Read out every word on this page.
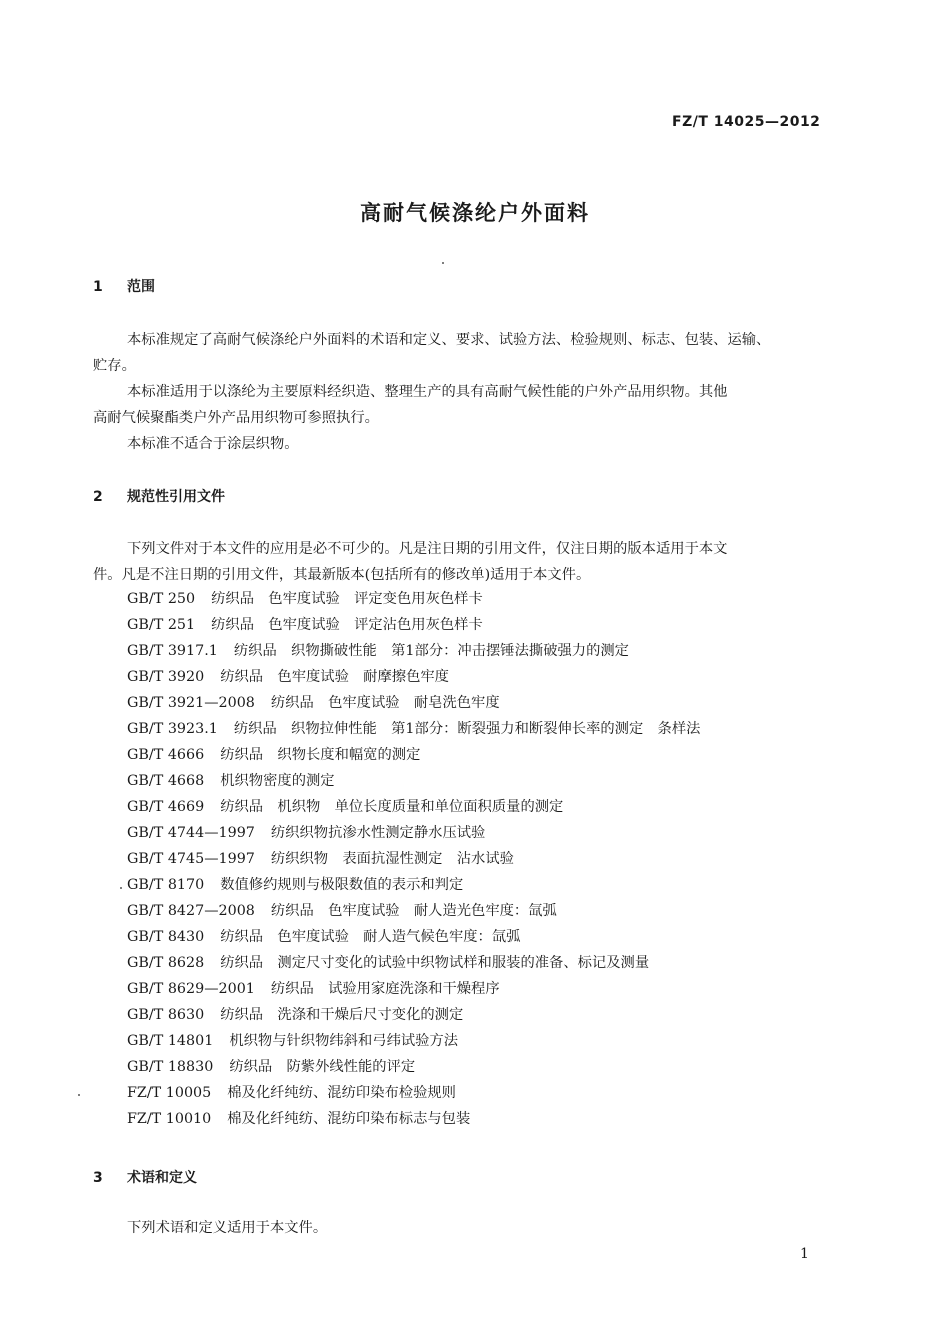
FZ/T 14025—2012
高耐气候涤纶户外面料
1 范围
本标准规定了高耐气候涤纶户外面料的术语和定义、要求、试验方法、检验规则、标志、包装、运输、
贮存。
本标准适用于以涤纶为主要原料经织造、整理生产的具有高耐气候性能的户外产品用织物。其他
高耐气候聚酯类户外产品用织物可参照执行。
本标准不适合于涂层织物。
2 规范性引用文件
下列文件对于本文件的应用是必不可少的。凡是注日期的引用文件，仅注日期的版本适用于本文
件。凡是不注日期的引用文件，其最新版本(包括所有的修改单)适用于本文件。
GB/T 250 纺织品　色牢度试验　评定变色用灰色样卡
GB/T 251 纺织品　色牢度试验　评定沾色用灰色样卡
GB/T 3917.1 纺织品　织物撕破性能　第1部分：冲击摆锤法撕破强力的测定
GB/T 3920 纺织品　色牢度试验　耐摩擦色牢度
GB/T 3921—2008 纺织品　色牢度试验　耐皂洗色牢度
GB/T 3923.1 纺织品　织物拉伸性能　第1部分：断裂强力和断裂伸长率的测定　条样法
GB/T 4666 纺织品　织物长度和幅宽的测定
GB/T 4668 机织物密度的测定
GB/T 4669 纺织品　机织物　单位长度质量和单位面积质量的测定
GB/T 4744—1997 纺织织物抗渗水性测定静水压试验
GB/T 4745—1997 纺织织物　表面抗湿性测定　沾水试验
GB/T 8170 数值修约规则与极限数值的表示和判定
GB/T 8427—2008 纺织品　色牢度试验　耐人造光色牢度：氙弧
GB/T 8430 纺织品　色牢度试验　耐人造气候色牢度：氙弧
GB/T 8628 纺织品　测定尺寸变化的试验中织物试样和服装的准备、标记及测量
GB/T 8629—2001 纺织品　试验用家庭洗涤和干燥程序
GB/T 8630 纺织品　洗涤和干燥后尺寸变化的测定
GB/T 14801 机织物与针织物纬斜和弓纬试验方法
GB/T 18830 纺织品　防紫外线性能的评定
FZ/T 10005 棉及化纤纯纺、混纺印染布检验规则
FZ/T 10010 棉及化纤纯纺、混纺印染布标志与包装
3 术语和定义
下列术语和定义适用于本文件。
1
